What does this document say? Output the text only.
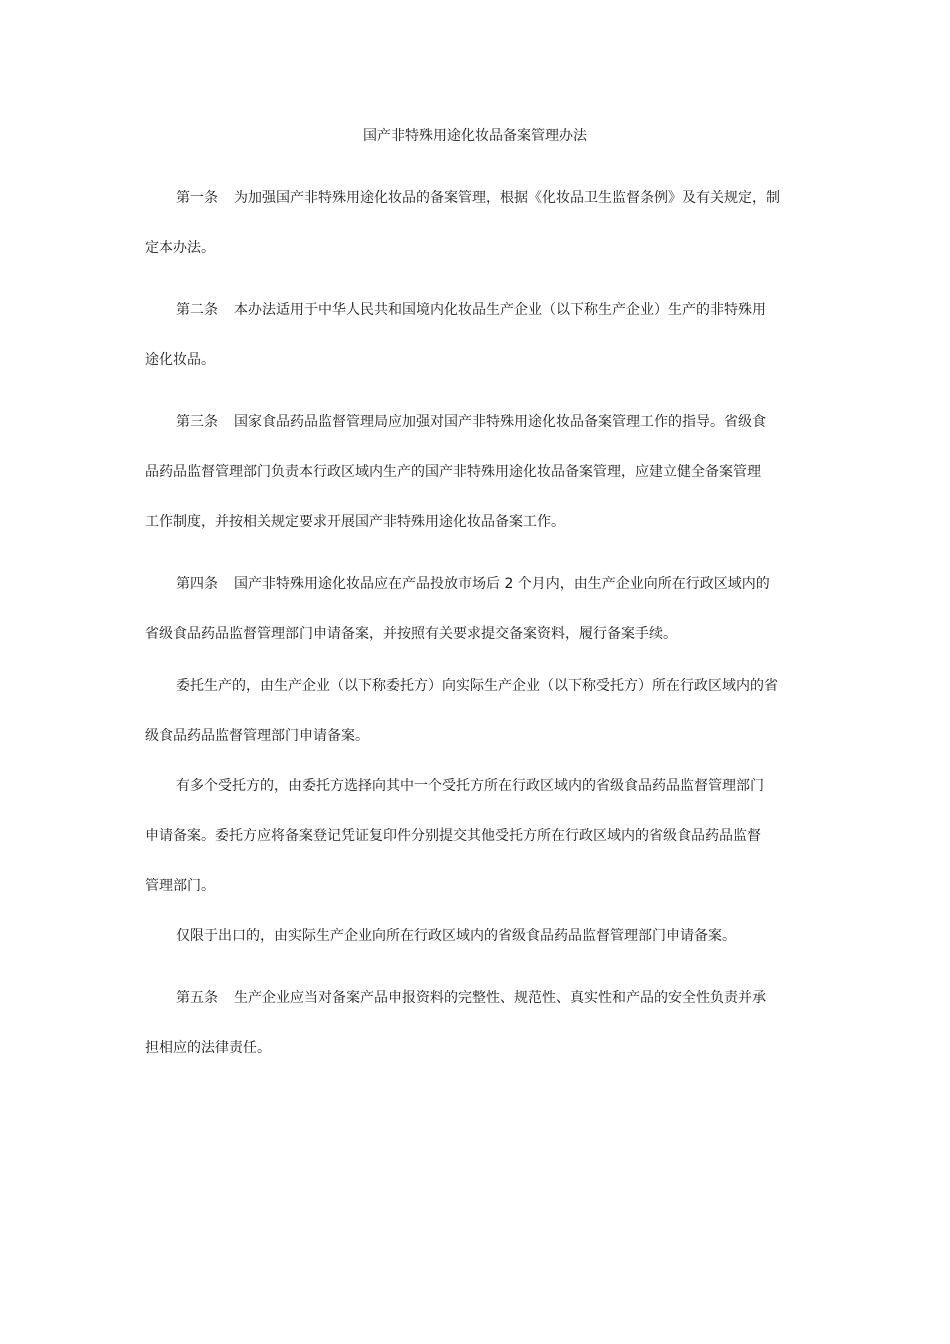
国产非特殊用途化妆品备案管理办法
第一条 为加强国产非特殊用途化妆品的备案管理，根据《化妆品卫生监督条例》及有关规定，制
定本办法。
第二条 本办法适用于中华人民共和国境内化妆品生产企业（以下称生产企业）生产的非特殊用
途化妆品。
第三条 国家食品药品监督管理局应加强对国产非特殊用途化妆品备案管理工作的指导。省级食
品药品监督管理部门负责本行政区域内生产的国产非特殊用途化妆品备案管理，应建立健全备案管理
工作制度，并按相关规定要求开展国产非特殊用途化妆品备案工作。
第四条 国产非特殊用途化妆品应在产品投放市场后 2 个月内，由生产企业向所在行政区域内的
省级食品药品监督管理部门申请备案，并按照有关要求提交备案资料，履行备案手续。
委托生产的，由生产企业（以下称委托方）向实际生产企业（以下称受托方）所在行政区域内的省
级食品药品监督管理部门申请备案。
有多个受托方的，由委托方选择向其中一个受托方所在行政区域内的省级食品药品监督管理部门
申请备案。委托方应将备案登记凭证复印件分别提交其他受托方所在行政区域内的省级食品药品监督
管理部门。
仅限于出口的，由实际生产企业向所在行政区域内的省级食品药品监督管理部门申请备案。
第五条 生产企业应当对备案产品申报资料的完整性、规范性、真实性和产品的安全性负责并承
担相应的法律责任。
